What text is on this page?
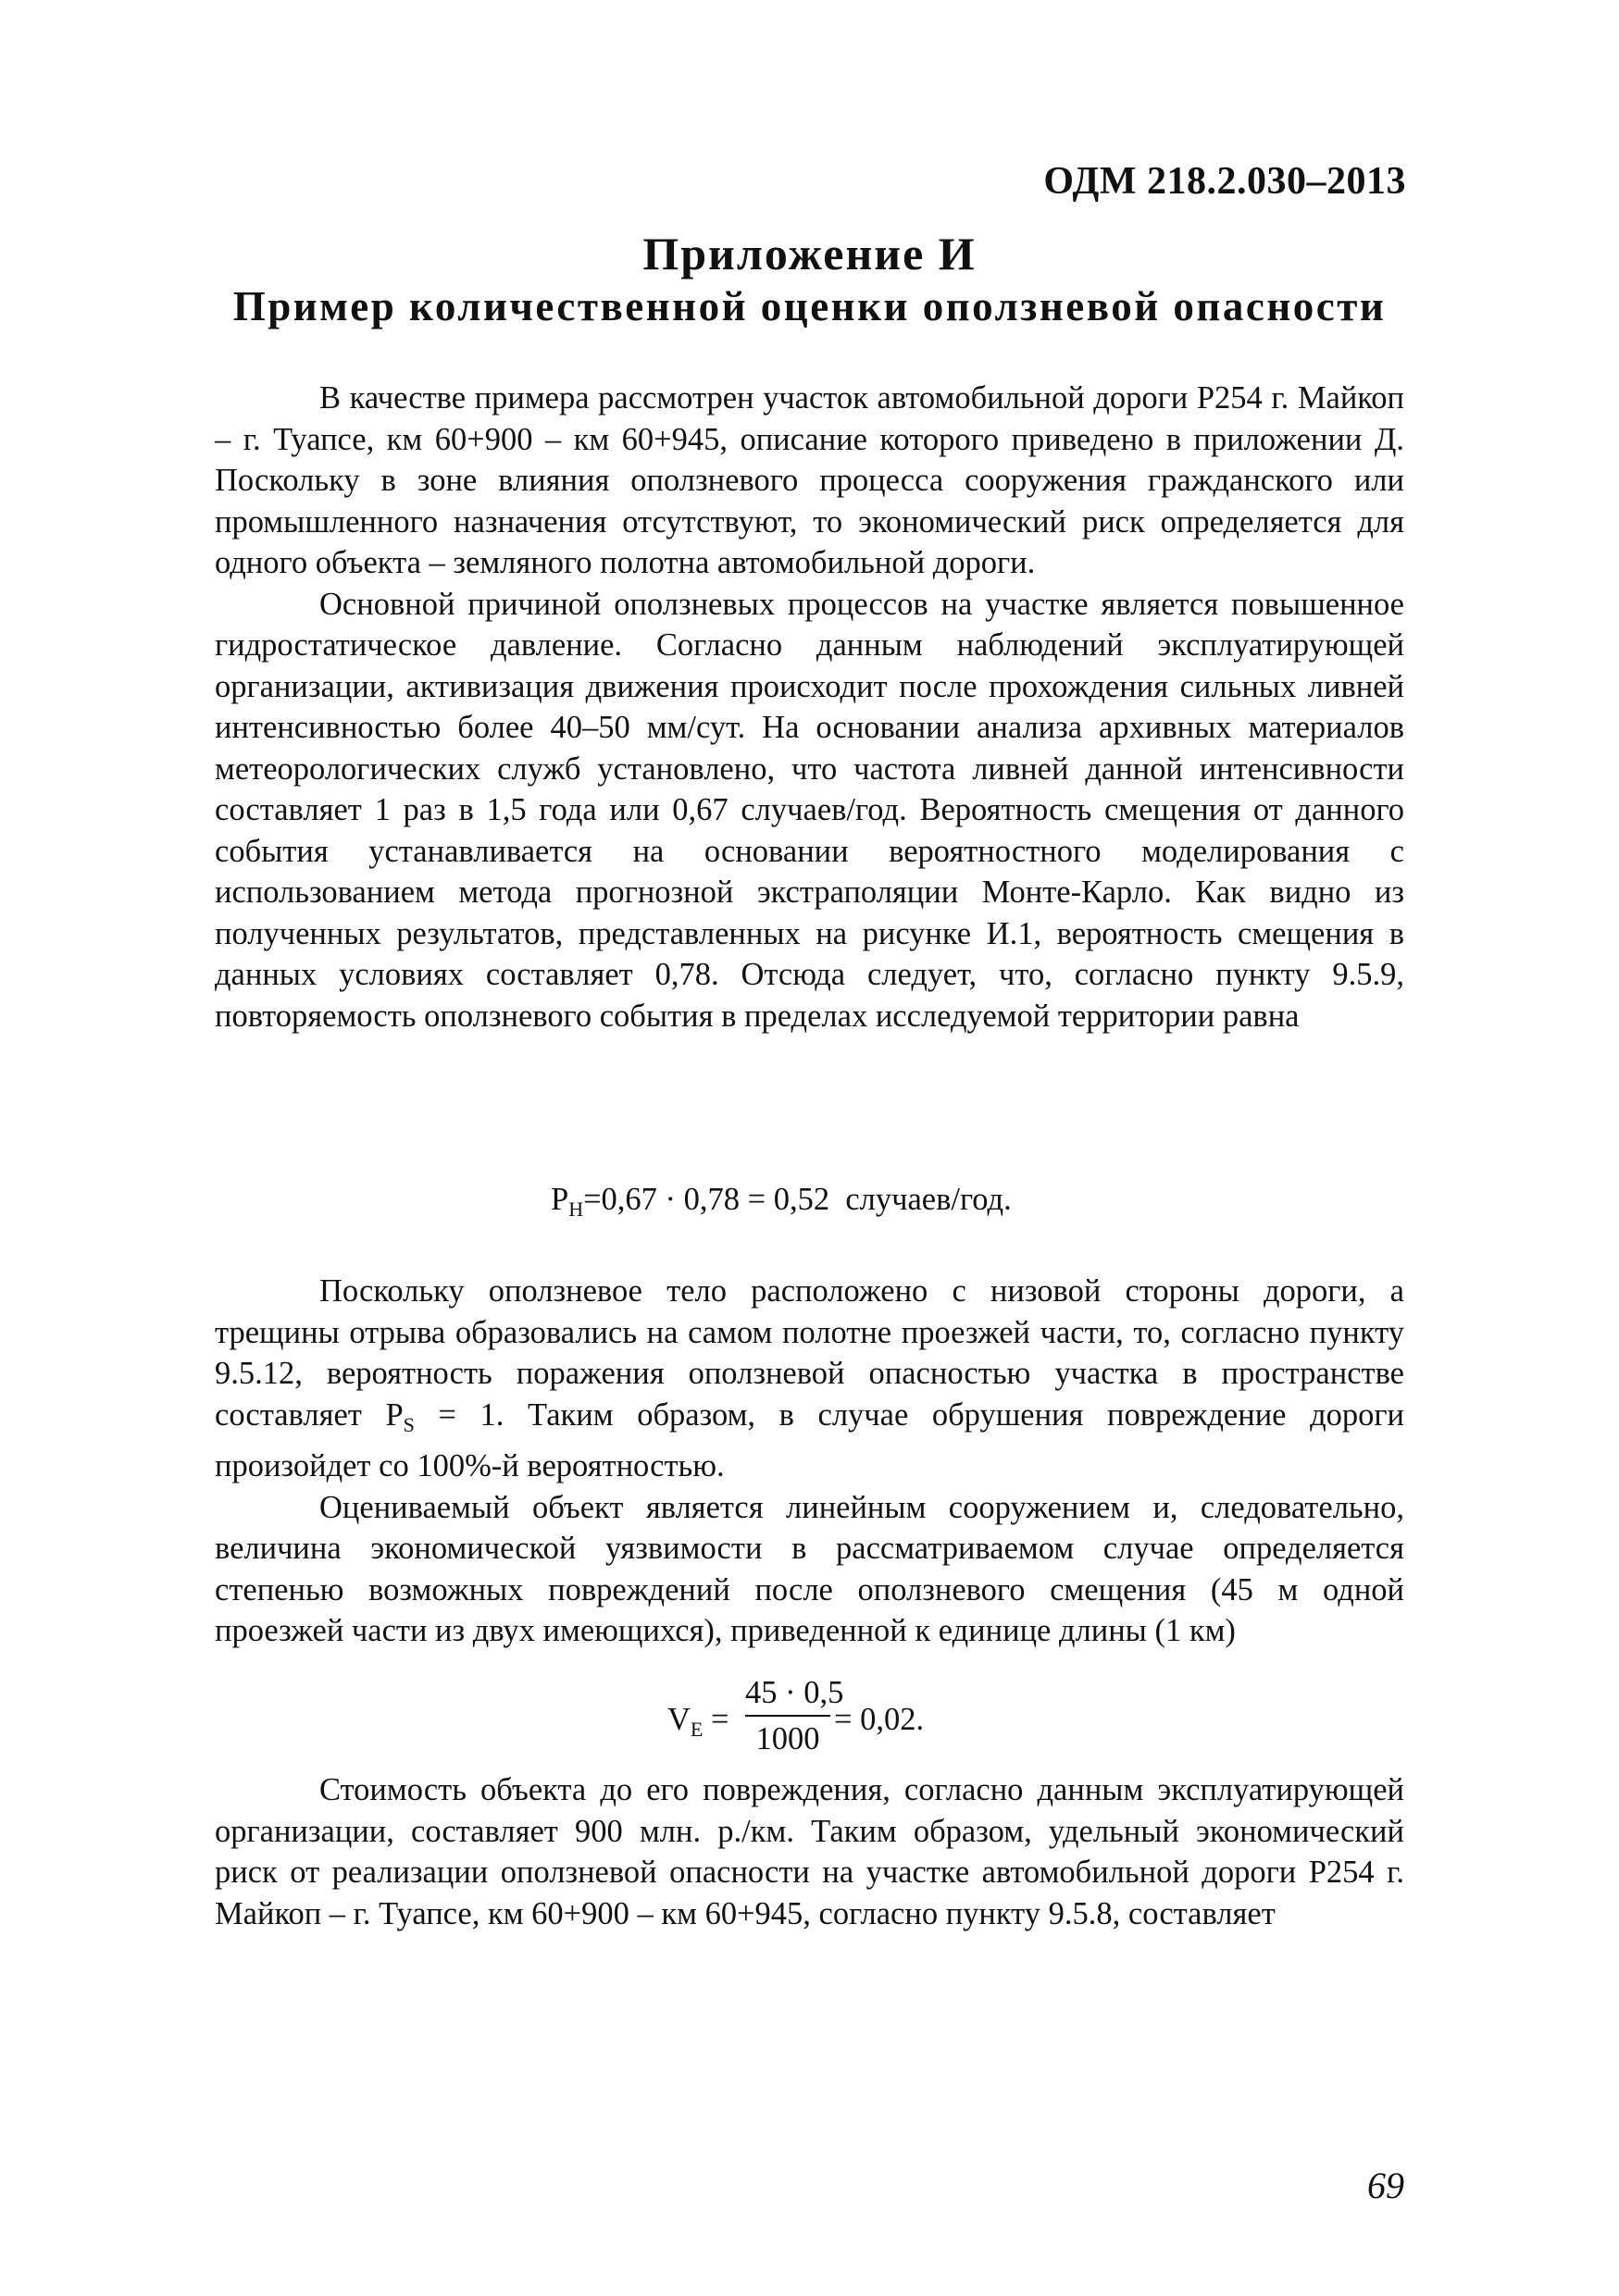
ОДМ 218.2.030–2013
Приложение И
Пример количественной оценки оползневой опасности

В качестве примера рассмотрен участок автомобильной дороги Р254 г. Майкоп – г. Туапсе, км 60+900 – км 60+945, описание которого приведено в приложении Д. Поскольку в зоне влияния оползневого процесса сооружения гражданского или промышленного назначения отсутствуют, то экономический риск определяется для одного объекта – земляного полотна автомобильной дороги.

Основной причиной оползневых процессов на участке является повышенное гидростатическое давление. Согласно данным наблюдений эксплуатирующей организации, активизация движения происходит после прохождения сильных ливней интенсивностью более 40–50 мм/сут. На основании анализа архивных материалов метеорологических служб установлено, что частота ливней данной интенсивности составляет 1 раз в 1,5 года или 0,67 случаев/год. Вероятность смещения от данного события устанавливается на основании вероятностного моделирования с использованием метода прогнозной экстраполяции Монте-Карло. Как видно из полученных результатов, представленных на рисунке И.1, вероятность смещения в данных условиях составляет 0,78. Отсюда следует, что, согласно пункту 9.5.9, повторяемость оползневого события в пределах исследуемой территории равна

$P_Н=0,67 \cdot 0,78 = 0,52$  случаев/год.

Поскольку оползневое тело расположено с низовой стороны дороги, а трещины отрыва образовались на самом полотне проезжей части, то, согласно пункту 9.5.12, вероятность поражения оползневой опасностью участка в пространстве составляет $P_S = 1$. Таким образом, в случае обрушения повреждение дороги произойдет со 100%-й вероятностью.

Оцениваемый объект является линейным сооружением и, следовательно, величина экономической уязвимости в рассматриваемом случае определяется степенью возможных повреждений после оползневого смещения (45 м одной проезжей части из двух имеющихся), приведенной к единице длины (1 км)

$V_E = \frac{45 \cdot 0,5}{1000} = 0,02$.

Стоимость объекта до его повреждения, согласно данным эксплуатирующей организации, составляет 900 млн. р./км. Таким образом, удельный экономический риск от реализации оползневой опасности на участке автомобильной дороги Р254 г. Майкоп – г. Туапсе, км 60+900 – км 60+945, согласно пункту 9.5.8, составляет

69
